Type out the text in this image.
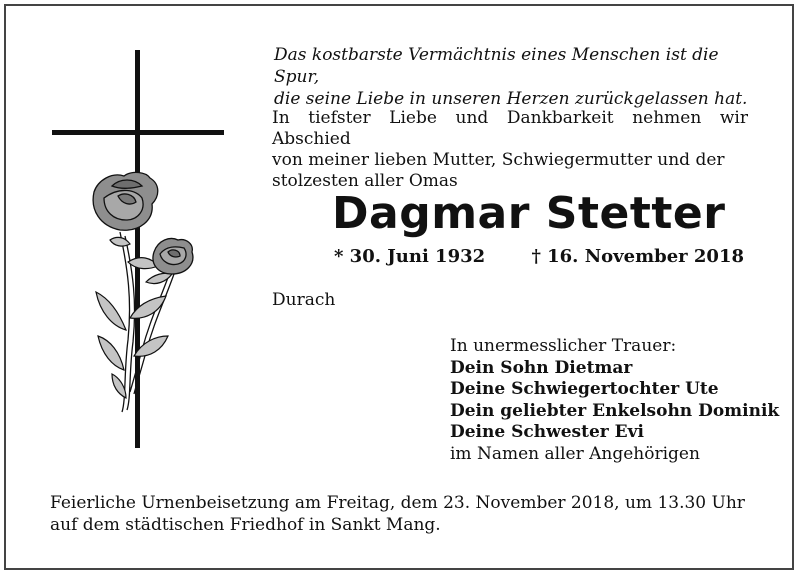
Das kostbarste Vermächtnis eines Menschen ist die Spur,
die seine Liebe in unseren Herzen zurückgelassen hat.
In tiefster Liebe und Dankbarkeit nehmen wir Abschied
von meiner lieben Mutter, Schwiegermutter und der
stolzesten aller Omas
Dagmar Stetter
* 30. Juni 1932	† 16. November 2018
Durach
In unermesslicher Trauer:
Dein Sohn Dietmar
Deine Schwiegertochter Ute
Dein geliebter Enkelsohn Dominik
Deine Schwester Evi
im Namen aller Angehörigen
Feierliche Urnenbeisetzung am Freitag, dem 23. November 2018, um 13.30 Uhr
auf dem städtischen Friedhof in Sankt Mang.
